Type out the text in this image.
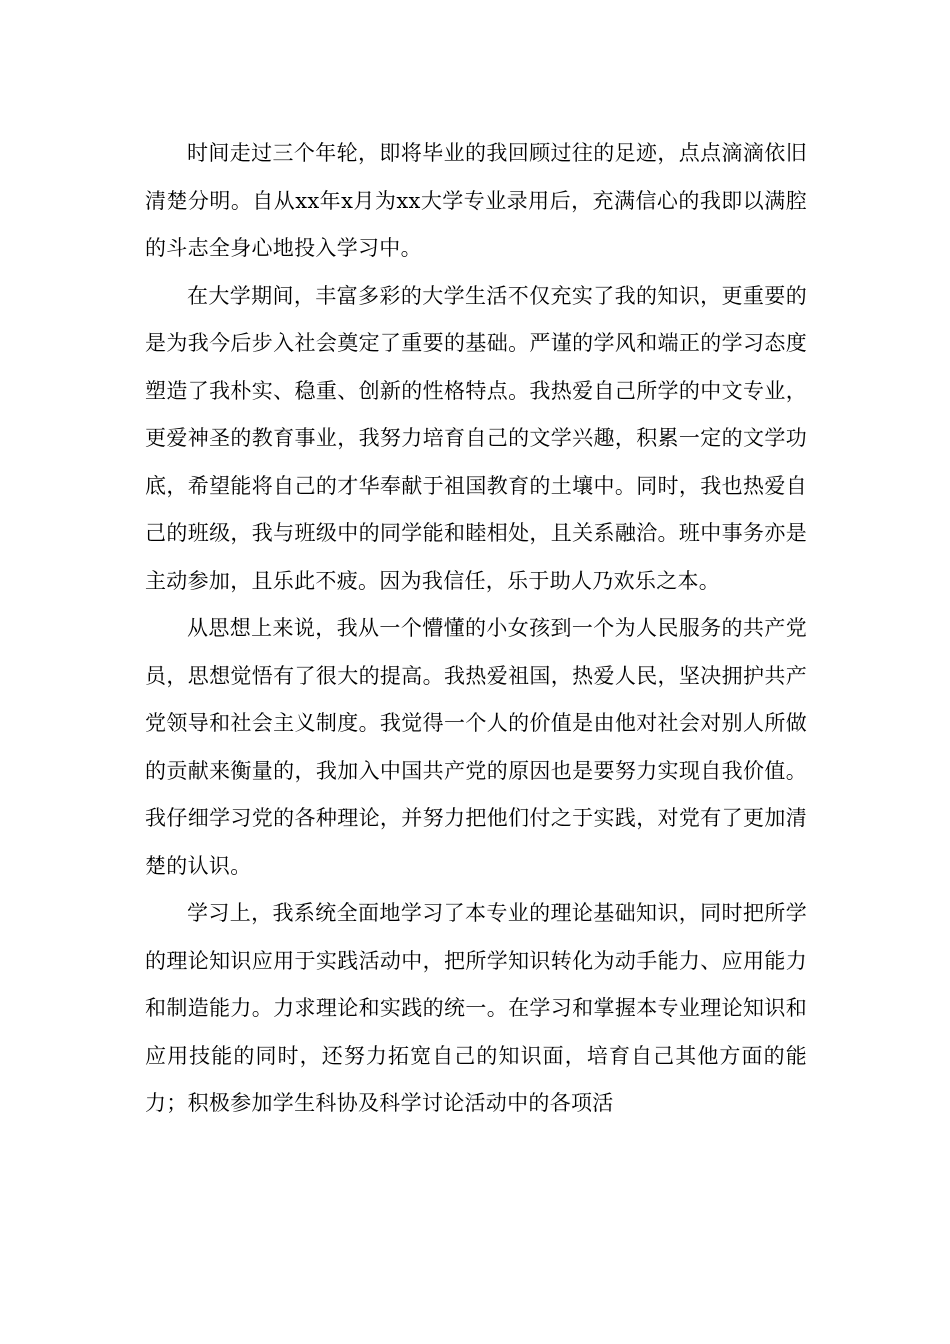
时间走过三个年轮，即将毕业的我回顾过往的足迹，点点滴滴依旧清楚分明。自从xx年x月为xx大学专业录用后，充满信心的我即以满腔的斗志全身心地投入学习中。

在大学期间，丰富多彩的大学生活不仅充实了我的知识，更重要的是为我今后步入社会奠定了重要的基础。严谨的学风和端正的学习态度塑造了我朴实、稳重、创新的性格特点。我热爱自己所学的中文专业，更爱神圣的教育事业，我努力培育自己的文学兴趣，积累一定的文学功底，希望能将自己的才华奉献于祖国教育的土壤中。同时，我也热爱自己的班级，我与班级中的同学能和睦相处，且关系融洽。班中事务亦是主动参加，且乐此不疲。因为我信任，乐于助人乃欢乐之本。

从思想上来说，我从一个懵懂的小女孩到一个为人民服务的共产党员，思想觉悟有了很大的提高。我热爱祖国，热爱人民，坚决拥护共产党领导和社会主义制度。我觉得一个人的价值是由他对社会对别人所做的贡献来衡量的，我加入中国共产党的原因也是要努力实现自我价值。我仔细学习党的各种理论，并努力把他们付之于实践，对党有了更加清楚的认识。

学习上，我系统全面地学习了本专业的理论基础知识，同时把所学的理论知识应用于实践活动中，把所学知识转化为动手能力、应用能力和制造能力。力求理论和实践的统一。在学习和掌握本专业理论知识和应用技能的同时，还努力拓宽自己的知识面，培育自己其他方面的能力；积极参加学生科协及科学讨论活动中的各项活
